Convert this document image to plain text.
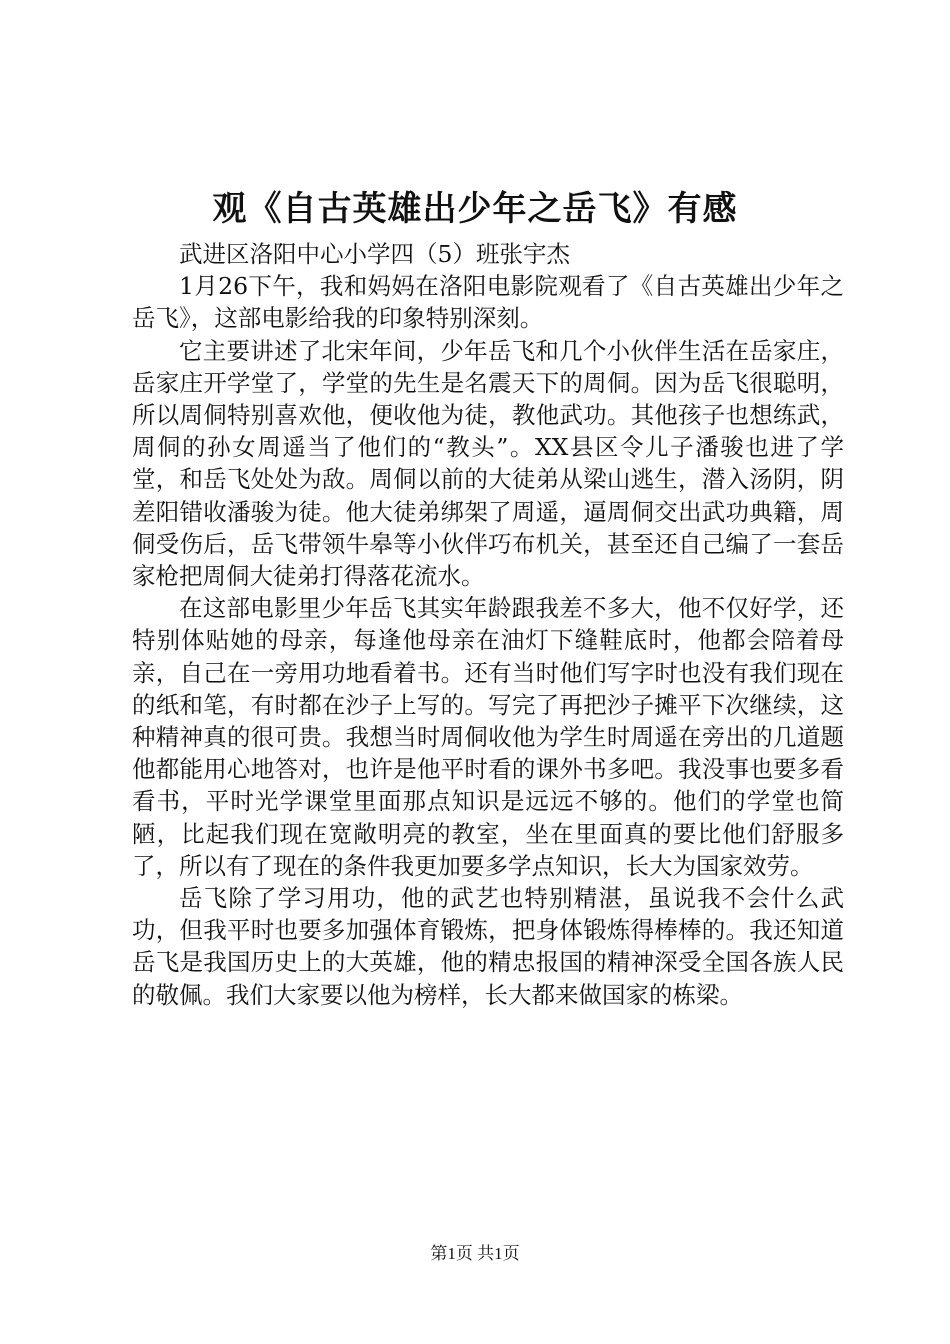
观《自古英雄出少年之岳飞》有感

武进区洛阳中心小学四（5）班张宇杰

1月26下午，我和妈妈在洛阳电影院观看了《自古英雄出少年之岳飞》，这部电影给我的印象特别深刻。

它主要讲述了北宋年间，少年岳飞和几个小伙伴生活在岳家庄，岳家庄开学堂了，学堂的先生是名震天下的周侗。因为岳飞很聪明，所以周侗特别喜欢他，便收他为徒，教他武功。其他孩子也想练武，周侗的孙女周遥当了他们的“教头”。XX县区令儿子潘骏也进了学堂，和岳飞处处为敌。周侗以前的大徒弟从梁山逃生，潜入汤阴，阴差阳错收潘骏为徒。他大徒弟绑架了周遥，逼周侗交出武功典籍，周侗受伤后，岳飞带领牛皋等小伙伴巧布机关，甚至还自己编了一套岳家枪把周侗大徒弟打得落花流水。

在这部电影里少年岳飞其实年龄跟我差不多大，他不仅好学，还特别体贴她的母亲，每逢他母亲在油灯下缝鞋底时，他都会陪着母亲，自己在一旁用功地看着书。还有当时他们写字时也没有我们现在的纸和笔，有时都在沙子上写的。写完了再把沙子摊平下次继续，这种精神真的很可贵。我想当时周侗收他为学生时周遥在旁出的几道题他都能用心地答对，也许是他平时看的课外书多吧。我没事也要多看看书，平时光学课堂里面那点知识是远远不够的。他们的学堂也简陋，比起我们现在宽敞明亮的教室，坐在里面真的要比他们舒服多了，所以有了现在的条件我更加要多学点知识，长大为国家效劳。

岳飞除了学习用功，他的武艺也特别精湛，虽说我不会什么武功，但我平时也要多加强体育锻炼，把身体锻炼得棒棒的。我还知道岳飞是我国历史上的大英雄，他的精忠报国的精神深受全国各族人民的敬佩。我们大家要以他为榜样，长大都来做国家的栋梁。

第1页 共1页
